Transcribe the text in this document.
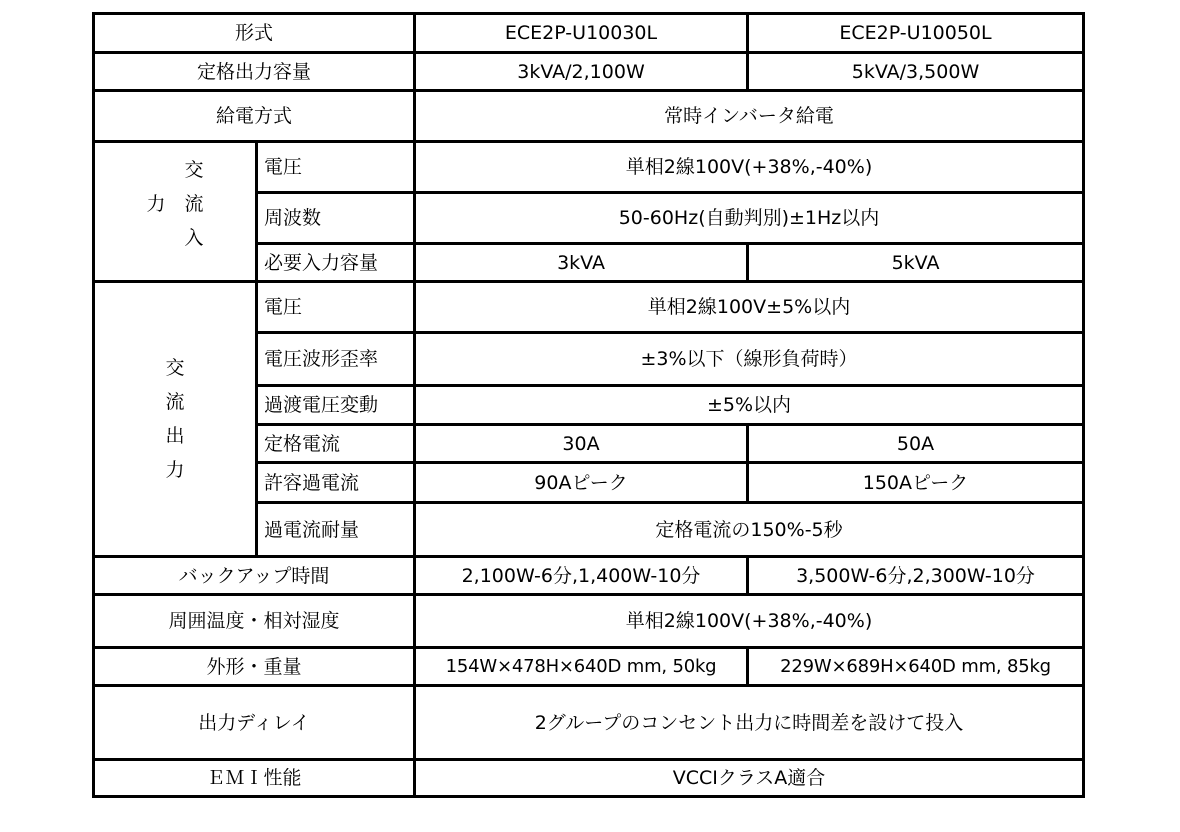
形式		ECE2P-U10030L	ECE2P-U10050L
定格出力容量		3kVA/2,100W	5kVA/3,500W
給電方式		常時インバータ給電	

交
流
入
力	電圧	単相2線100V(+38%,-40%)	
	周波数	50-60Hz(自動判別)±1Hz以内	
	必要入力容量	3kVA	5kVA

交
流
出
力	電圧	単相2線100V±5%以内	
	電圧波形歪率	±3%以下（線形負荷時）	
	過渡電圧変動	±5%以内	
	定格電流	30A	50A
	許容過電流	90Aピーク	150Aピーク
	過電流耐量	定格電流の150%-5秒	
バックアップ時間		2,100W-6分,1,400W-10分	3,500W-6分,2,300W-10分
周囲温度・相対湿度		単相2線100V(+38%,-40%)	
外形・重量		154W×478H×640D mm, 50kg	229W×689H×640D mm, 85kg
出力ディレイ		2グループのコンセント出力に時間差を設けて投入	
ＥＭＩ性能		VCCIクラスA適合	
